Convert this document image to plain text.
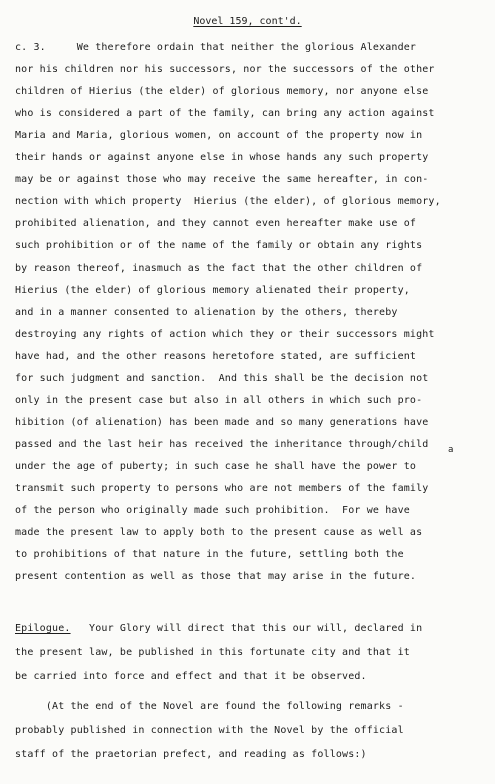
Novel 159, cont'd.
c. 3.     We therefore ordain that neither the glorious Alexander
nor his children nor his successors, nor the successors of the other
children of Hierius (the elder) of glorious memory, nor anyone else
who is considered a part of the family, can bring any action against
Maria and Maria, glorious women, on account of the property now in
their hands or against anyone else in whose hands any such property
may be or against those who may receive the same hereafter, in con-
nection with which property  Hierius (the elder), of glorious memory,
prohibited alienation, and they cannot even hereafter make use of
such prohibition or of the name of the family or obtain any rights
by reason thereof, inasmuch as the fact that the other children of
Hierius (the elder) of glorious memory alienated their property,
and in a manner consented to alienation by the others, thereby
destroying any rights of action which they or their successors might
have had, and the other reasons heretofore stated, are sufficient
for such judgment and sanction.  And this shall be the decision not
only in the present case but also in all others in which such pro-
hibition (of alienation) has been made and so many generations have
passed and the last heir has received the inheritance through/child
under the age of puberty; in such case he shall have the power to
transmit such property to persons who are not members of the family
of the person who originally made such prohibition.  For we have
made the present law to apply both to the present cause as well as
to prohibitions of that nature in the future, settling both the
present contention as well as those that may arise in the future.
a
Epilogue.   Your Glory will direct that this our will, declared in
the present law, be published in this fortunate city and that it
be carried into force and effect and that it be observed.
(At the end of the Novel are found the following remarks -
probably published in connection with the Novel by the official
staff of the praetorian prefect, and reading as follows:)
